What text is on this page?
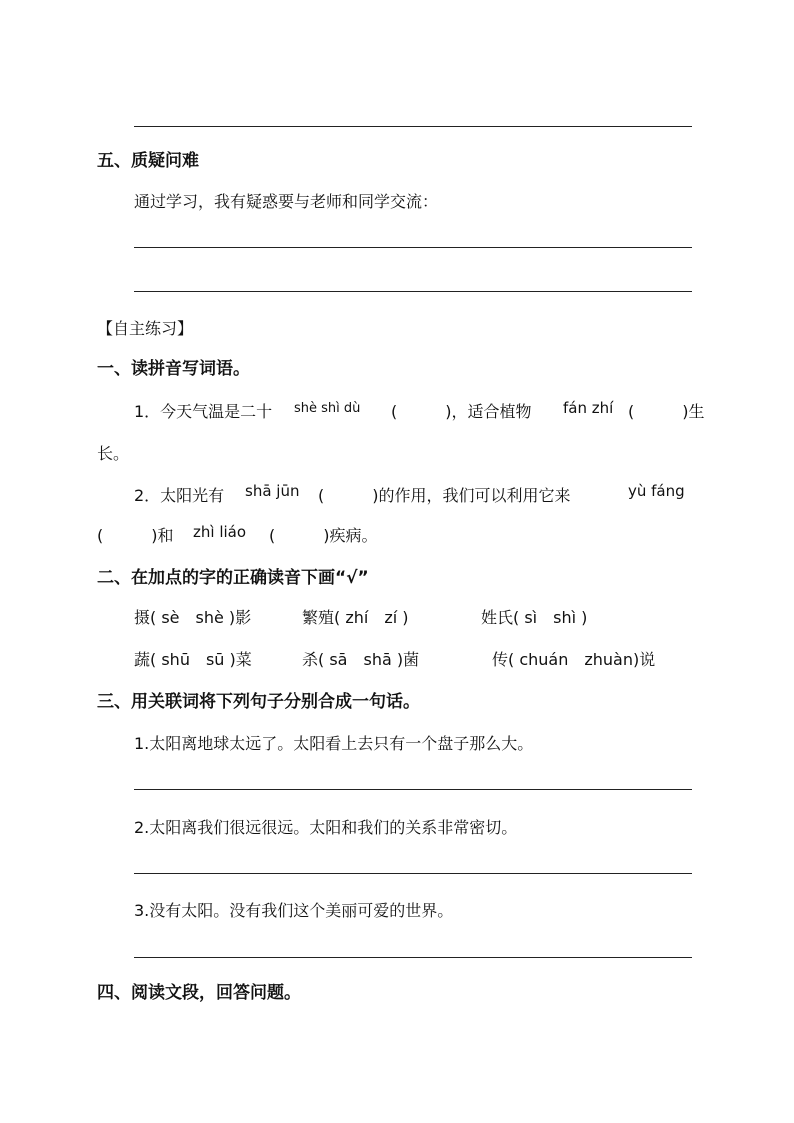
五、质疑问难
通过学习，我有疑惑要与老师和同学交流：
【自主练习】
一、读拼音写词语。
1．今天气温是二十 shè shì dù (　　　)，适合植物 fán zhí (　　　)生
长。
2．太阳光有 shā jūn (　　　)的作用，我们可以利用它来	yù fáng
(　　　)和 zhì liáo (　　　)疾病。
二、在加点的字的正确读音下画“√”
摄( sè　shè )影	繁殖( zhí　zí )	姓氏( sì　shì )
蔬( shū　sū )菜	杀( sā　shā )菌	传( chuán　zhuàn)说
三、用关联词将下列句子分别合成一句话。
1.太阳离地球太远了。太阳看上去只有一个盘子那么大。
2.太阳离我们很远很远。太阳和我们的关系非常密切。
3.没有太阳。没有我们这个美丽可爱的世界。
四、阅读文段，回答问题。
